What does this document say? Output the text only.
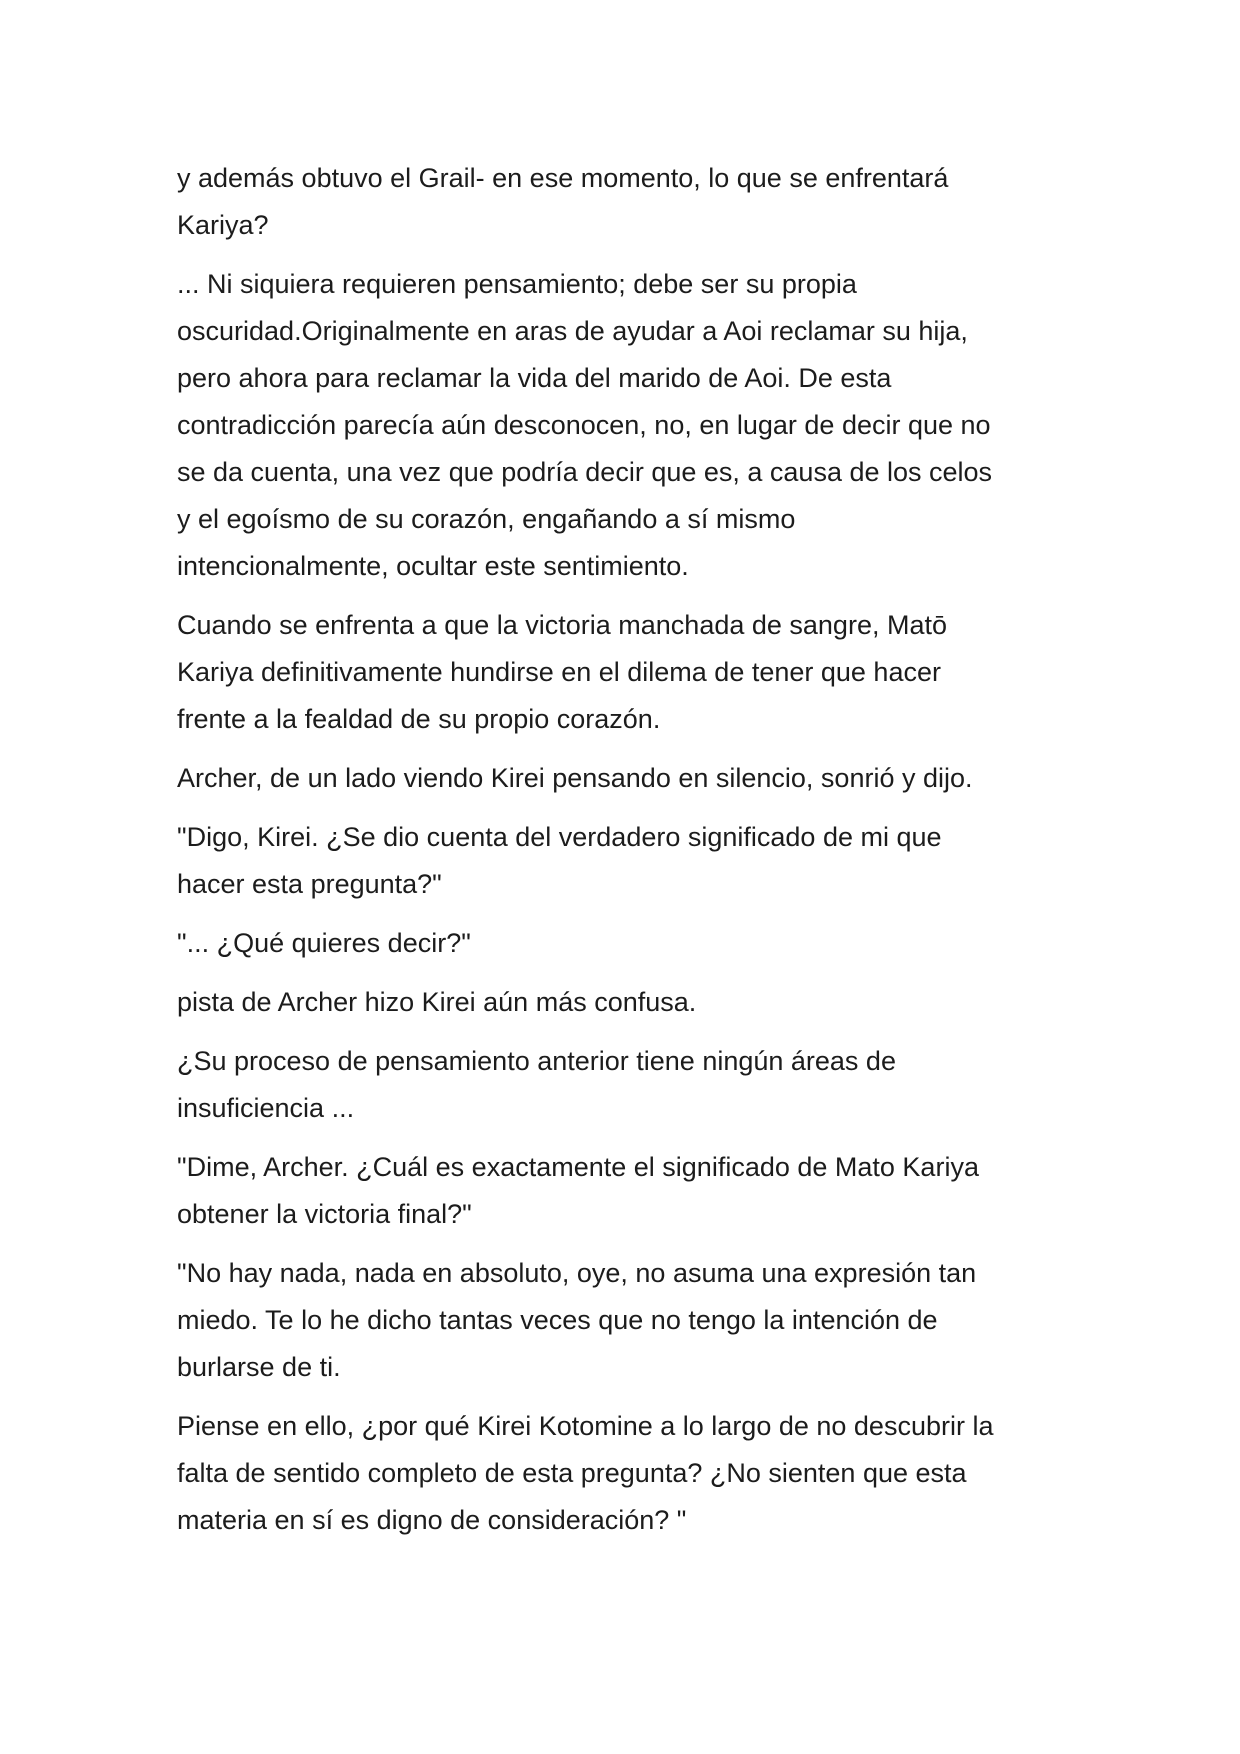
y además obtuvo el Grail- en ese momento, lo que se enfrentará
Kariya?

... Ni siquiera requieren pensamiento; debe ser su propia
oscuridad.Originalmente en aras de ayudar a Aoi reclamar su hija,
pero ahora para reclamar la vida del marido de Aoi. De esta
contradicción parecía aún desconocen, no, en lugar de decir que no
se da cuenta, una vez que podría decir que es, a causa de los celos
y el egoísmo de su corazón, engañando a sí mismo
intencionalmente, ocultar este sentimiento.

Cuando se enfrenta a que la victoria manchada de sangre, Matō
Kariya definitivamente hundirse en el dilema de tener que hacer
frente a la fealdad de su propio corazón.

Archer, de un lado viendo Kirei pensando en silencio, sonrió y dijo.

"Digo, Kirei. ¿Se dio cuenta del verdadero significado de mi que
hacer esta pregunta?"

"... ¿Qué quieres decir?"

pista de Archer hizo Kirei aún más confusa.

¿Su proceso de pensamiento anterior tiene ningún áreas de
insuficiencia ...

"Dime, Archer. ¿Cuál es exactamente el significado de Mato Kariya
obtener la victoria final?"

"No hay nada, nada en absoluto, oye, no asuma una expresión tan
miedo. Te lo he dicho tantas veces que no tengo la intención de
burlarse de ti.

Piense en ello, ¿por qué Kirei Kotomine a lo largo de no descubrir la
falta de sentido completo de esta pregunta? ¿No sienten que esta
materia en sí es digno de consideración? "
